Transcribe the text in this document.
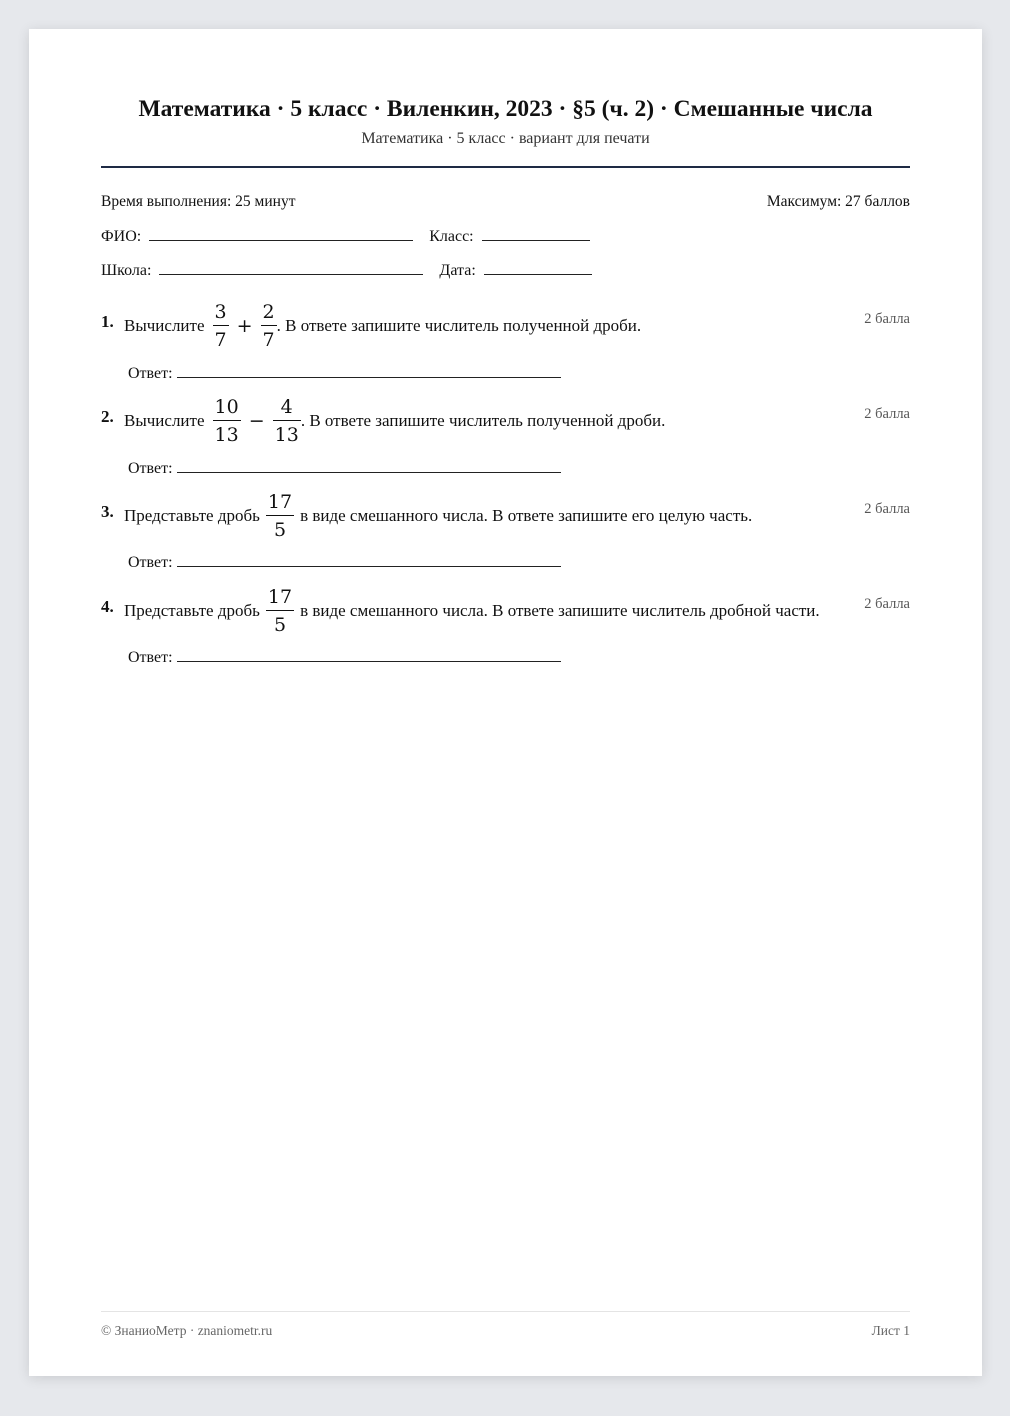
Математика · 5 класс · Виленкин, 2023 · §5 (ч. 2) · Смешанные числа
Математика · 5 класс · вариант для печати
Время выполнения: 25 минут	Максимум: 27 баллов
ФИО:	Класс:
Школа:	Дата:
1. Вычислите $\frac{3}{7} + \frac{2}{7}$ . В ответе запишите числитель полученной дроби.	2 балла
Ответ:
2. Вычислите $\frac{10}{13} - \frac{4}{13}$ . В ответе запишите числитель полученной дроби.	2 балла
Ответ:
3. Представьте дробь $\frac{17}{5}$ в виде смешанного числа. В ответе запишите его целую часть.	2 балла
Ответ:
4. Представьте дробь $\frac{17}{5}$ в виде смешанного числа. В ответе запишите числитель дробной части.	2 балла
Ответ:
© ЗнаниоМетр · znaniometr.ru	Лист 1
